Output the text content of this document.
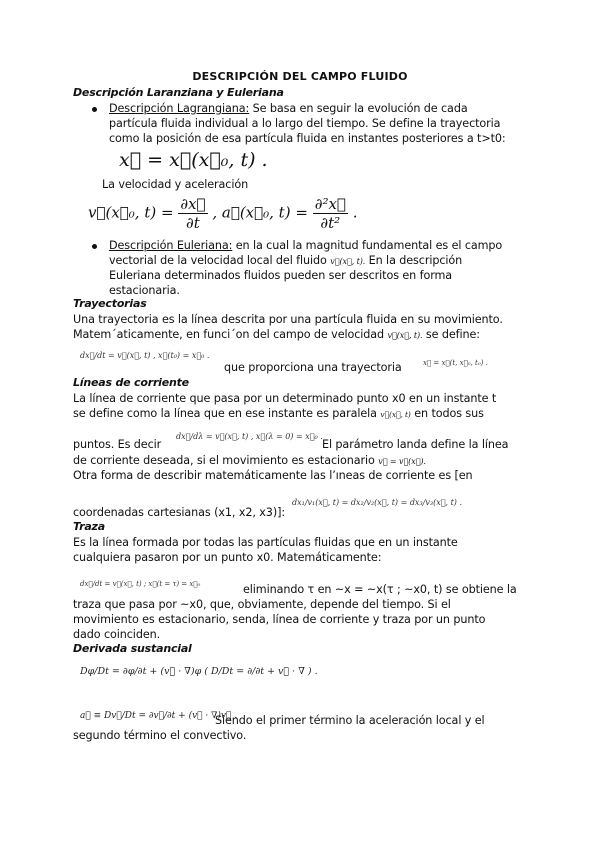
DESCRIPCIÓN DEL CAMPO FLUIDO
Descripción Laranziana y Euleriana
Descripción Lagrangiana: Se basa en seguir la evolución de cada
partícula fluida individual a lo largo del tiempo. Se define la trayectoria
como la posición de esa partícula fluida en instantes posteriores a t>t0:
x⃗ = x⃗(x⃗₀, t) .
La velocidad y aceleración
v⃗(x⃗₀, $t) = \frac{\partial x⃗}{\partial t}$ , a⃗(x⃗₀, $t) = \frac{\text{∂²x⃗}}{\text{∂t²}}$ .
Descripción Euleriana: en la cual la magnitud fundamental es el campo
vectorial de la velocidad local del fluido v⃗(x⃗, t). En la descripción
Euleriana determinados fluidos pueden ser descritos en forma
estacionaria.
Trayectorias
Una trayectoria es la línea descrita por una partícula fluida en su movimiento.
Matem´aticamente, en funci´on del campo de velocidad v⃗(x⃗, t). se define:
dx⃗/dt = v⃗(x⃗, t) , x⃗(t₀) = x⃗₀ .
que proporciona una trayectoria	x⃗ = x⃗(t, x⃗₀, t₀) .
Líneas de corriente
La línea de corriente que pasa por un determinado punto x0 en un instante t
se define como la línea que en ese instante es paralela v⃗(x⃗, t) en todos sus
puntos. Es decir
dx⃗/dλ = v⃗(x⃗, t) , x⃗(λ = 0) = x⃗₀ .
El parámetro landa define la línea
de corriente deseada, si el movimiento es estacionario v⃗ = v⃗(x⃗).
Otra forma de describir matemáticamente las l’ıneas de corriente es [en
coordenadas cartesianas (x1, x2, x3)]:
dx₁/v₁(x⃗, t) = dx₂/v₂(x⃗, t) = dx₃/v₃(x⃗, t) .
Traza
Es la línea formada por todas las partículas fluidas que en un instante
cualquiera pasaron por un punto x0. Matemáticamente:
dx⃗/dt = v⃗(x⃗, t) ; x⃗(t = τ) = x⃗₀	eliminando τ en ~x = ~x(τ ; ~x0, t) se obtiene la
traza que pasa por ~x0, que, obviamente, depende del tiempo. Si el
movimiento es estacionario, senda, línea de corriente y traza por un punto
dado coinciden.
Derivada sustancial
Dφ/Dt = ∂φ/∂t + (v⃗ · ∇)φ ( D/Dt = ∂/∂t + v⃗ · ∇ ) .
a⃗ ≡ Dv⃗/Dt = ∂v⃗/∂t + (v⃗ · ∇)v⃗ .
Siendo el primer término la aceleración local y el
segundo término el convectivo.
